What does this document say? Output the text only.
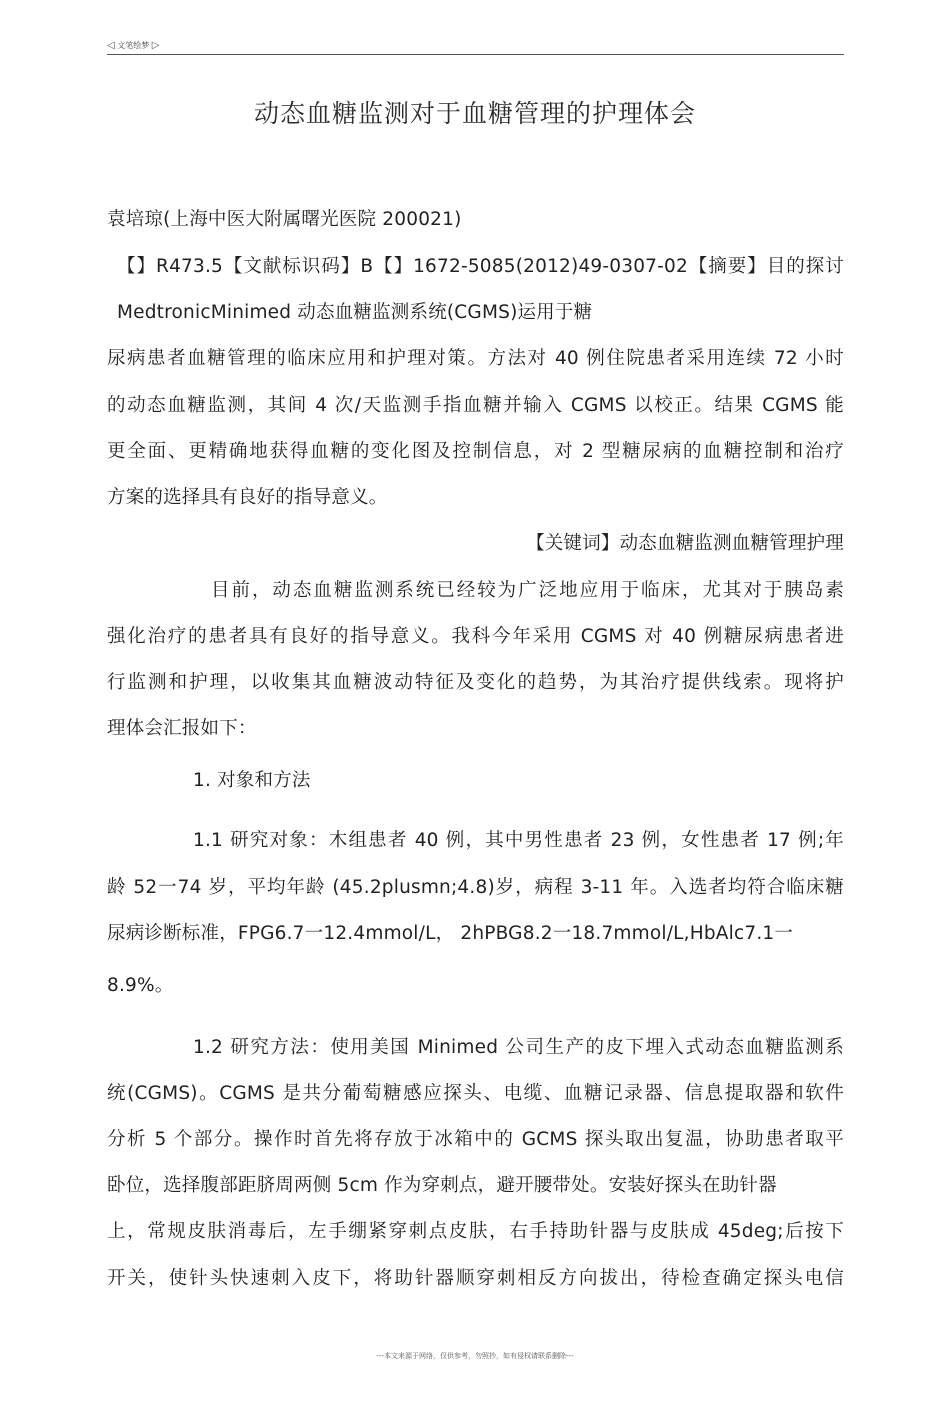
◁ 文笔绘梦 ▷
动态血糖监测对于血糖管理的护理体会
袁培琼(上海中医大附属曙光医院 200021)
【】R473.5【文献标识码】B【】1672-5085(2012)49-0307-02【摘要】目的探讨
MedtronicMinimed 动态血糖监测系统(CGMS)运用于糖
尿病患者血糖管理的临床应用和护理对策。方法对 40 例住院患者采用连续 72 小时
的动态血糖监测，其间 4 次/天监测手指血糖并输入 CGMS 以校正。结果 CGMS 能
更全面、更精确地获得血糖的变化图及控制信息，对 2 型糖尿病的血糖控制和治疗
方案的选择具有良好的指导意义。
【关键词】动态血糖监测血糖管理护理
目前，动态血糖监测系统已经较为广泛地应用于临床，尤其对于胰岛素
强化治疗的患者具有良好的指导意义。我科今年采用 CGMS 对 40 例糖尿病患者进
行监测和护理，以收集其血糖波动特征及变化的趋势，为其治疗提供线索。现将护
理体会汇报如下：
1. 对象和方法
1.1 研究对象：木组患者 40 例，其中男性患者 23 例，女性患者 17 例;年
龄 52一74 岁，平均年龄 (45.2plusmn;4.8)岁，病程 3-11 年。入选者均符合临床糖
尿病诊断标准，FPG6.7一12.4mmol/L， 2hPBG8.2一18.7mmol/L,HbAlc7.1一
8.9%。
1.2 研究方法：使用美国 Minimed 公司生产的皮下埋入式动态血糖监测系
统(CGMS)。CGMS 是共分葡萄糖感应探头、电缆、血糖记录器、信息提取器和软件
分析 5 个部分。操作时首先将存放于冰箱中的 GCMS 探头取出复温，协助患者取平
卧位，选择腹部距脐周两侧 5cm 作为穿刺点，避开腰带处。安装好探头在助针器
上，常规皮肤消毒后，左手绷紧穿刺点皮肤，右手持助针器与皮肤成 45deg;后按下
开关，使针头快速刺入皮下，将助针器顺穿刺相反方向拔出，待检查确定探头电信
---本文来源于网络，仅供参考，勿照抄，如有侵权请联系删除---
